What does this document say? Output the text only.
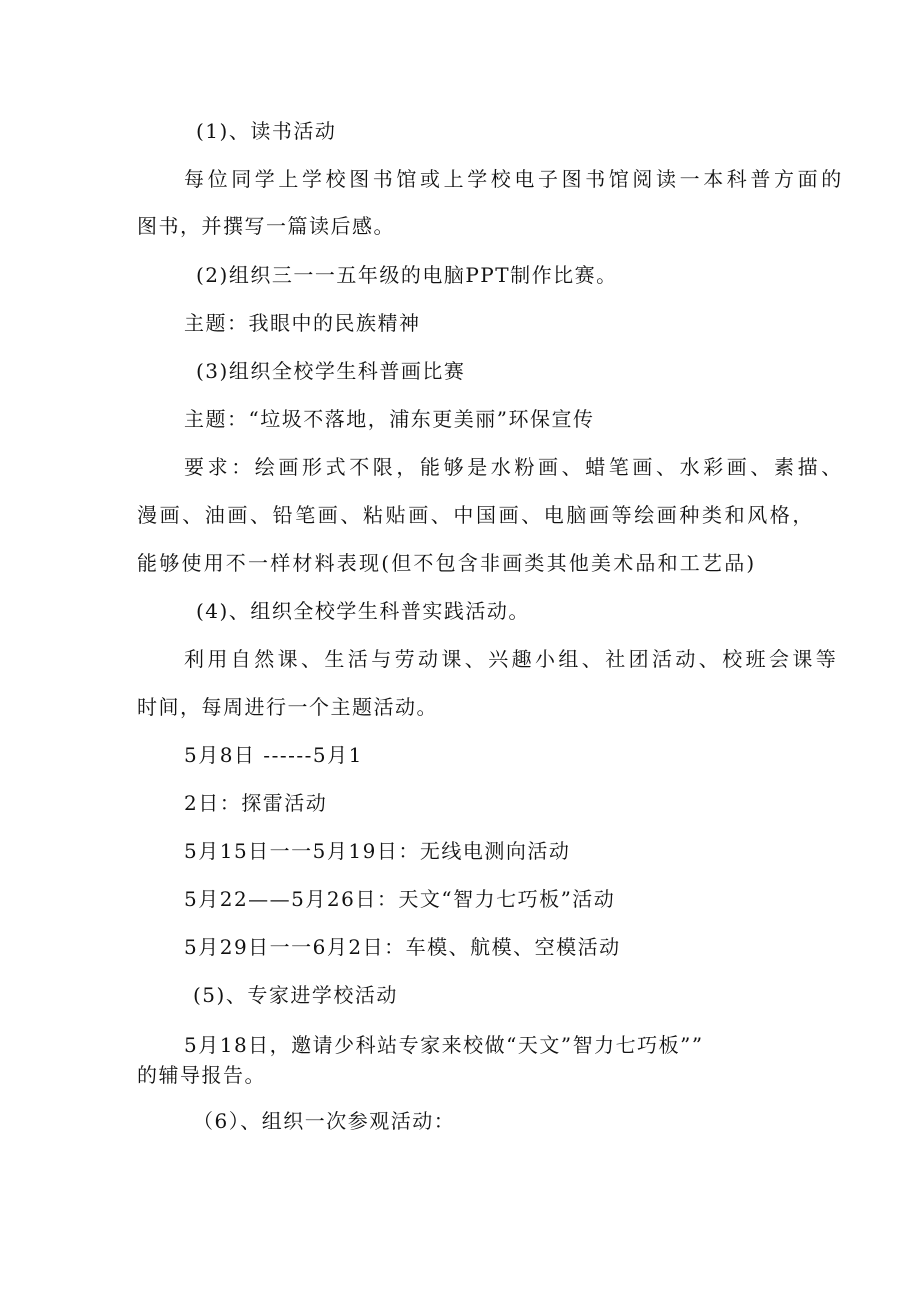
(1)、读书活动
每位同学上学校图书馆或上学校电子图书馆阅读一本科普方面的
图书，并撰写一篇读后感。
(2)组织三一一五年级的电脑PPT制作比赛。
主题：我眼中的民族精神
(3)组织全校学生科普画比赛
主题：“垃圾不落地，浦东更美丽”环保宣传
要求：绘画形式不限，能够是水粉画、蜡笔画、水彩画、素描、
漫画、油画、铅笔画、粘贴画、中国画、电脑画等绘画种类和风格，
能够使用不一样材料表现(但不包含非画类其他美术品和工艺品)
(4)、组织全校学生科普实践活动。
利用自然课、生活与劳动课、兴趣小组、社团活动、校班会课等
时间，每周进行一个主题活动。
5月8日 ------5月1
2日：探雷活动
5月15日一一5月19日：无线电测向活动
5月22——5月26日：天文“智力七巧板”活动
5月29日一一6月2日：车模、航模、空模活动
(5)、专家进学校活动
5月18日，邀请少科站专家来校做“天文”智力七巧板””
的辅导报告。
（6）、组织一次参观活动：
